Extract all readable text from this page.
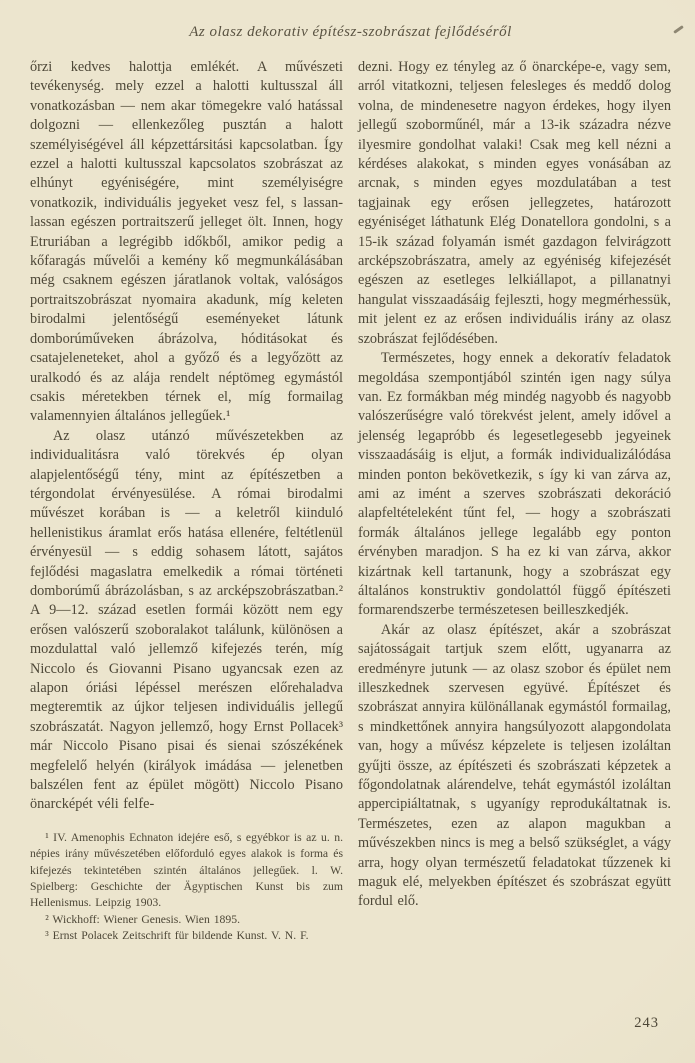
Az olasz dekorativ építész-szobrászat fejlődéséről

őrzi kedves halottja emlékét. A művészeti tevékenység. mely ezzel a halotti kultusszal áll vonatkozásban — nem akar tömegekre való hatással dolgozni — ellenkezőleg pusztán a halott személyiségével áll képzettársitási kapcsolatban. Így ezzel a halotti kultusszal kapcsolatos szobrászat az elhúnyt egyéniségére, mint személyiségre vonatkozik, individuális jegyeket vesz fel, s lassan-lassan egészen portraitszerű jelleget ölt. Innen, hogy Etruriában a legrégibb időkből, amikor pedig a kőfaragás művelői a kemény kő megmunkálásában még csaknem egészen járatlanok voltak, valóságos portraitszobrászat nyomaira akadunk, míg keleten birodalmi jelentőségű eseményeket látunk domborúműveken ábrázolva, hóditásokat és csatajeleneteket, ahol a győző és a legyőzött az uralkodó és az alája rendelt néptömeg egymástól csakis méretekben térnek el, míg formailag valamennyien általános jellegűek.¹

Az olasz utánzó művészetekben az individualitásra való törekvés ép olyan alapjelentőségű tény, mint az építészetben a térgondolat érvényesülése. A római birodalmi művészet korában is — a keletről kiinduló hellenistikus áramlat erős hatása ellenére, feltétlenül érvényesül — s eddig sohasem látott, sajátos fejlődési magaslatra emelkedik a római történeti domborúmű ábrázolásban, s az arcképszobrászatban.² A 9—12. század esetlen formái között nem egy erősen valószerű szoboralakot találunk, különösen a mozdulattal való jellemző kifejezés terén, míg Niccolo és Giovanni Pisano ugyancsak ezen az alapon óriási lépéssel merészen előrehaladva megteremtik az újkor teljesen individuális jellegű szobrászatát. Nagyon jellemző, hogy Ernst Pollacek³ már Niccolo Pisano pisai és sienai szószékének megfelelő helyén (királyok imádása — jelenetben balszélen fent az épület mögött) Niccolo Pisano önarcképét véli felfe-

¹ IV. Amenophis Echnaton idejére eső, s egyébkor is az u. n. népies irány művészetében előforduló egyes alakok is forma és kifejezés tekintetében szintén általános jellegűek. l. W. Spielberg: Geschichte der Ägyptischen Kunst bis zum Hellenismus. Leipzig 1903.

² Wickhoff: Wiener Genesis. Wien 1895.

³ Ernst Polacek Zeitschrift für bildende Kunst. V. N. F.

dezni. Hogy ez tényleg az ő önarcképe-e, vagy sem, arról vitatkozni, teljesen felesleges és meddő dolog volna, de mindenesetre nagyon érdekes, hogy ilyen jellegű szoborműnél, már a 13-ik századra nézve ilyesmire gondolhat valaki! Csak meg kell nézni a kérdéses alakokat, s minden egyes vonásában az arcnak, s minden egyes mozdulatában a test tagjainak egy erősen jellegzetes, határozott egyéniséget láthatunk Elég Donatellora gondolni, s a 15-ik század folyamán ismét gazdagon felvirágzott arcképszobrászatra, amely az egyéniség kifejezését egészen az esetleges lelkiállapot, a pillanatnyi hangulat visszaadásáig fejleszti, hogy megmérhessük, mit jelent ez az erősen individuális irány az olasz szobrászat fejlődésében.

Természetes, hogy ennek a dekoratív feladatok megoldása szempontjából szintén igen nagy súlya van. Ez formákban még mindég nagyobb és nagyobb valószerűségre való törekvést jelent, amely idővel a jelenség legapróbb és legesetlegesebb jegyeinek visszaadásáig is eljut, a formák individualizálódása minden ponton bekövetkezik, s így ki van zárva az, ami az imént a szerves szobrászati dekoráció alapfeltételeként tűnt fel, — hogy a szobrászati formák általános jellege legalább egy ponton érvényben maradjon. S ha ez ki van zárva, akkor kizártnak kell tartanunk, hogy a szobrászat egy általános konstruktiv gondolattól függő építészeti formarendszerbe természetesen beilleszkedjék.

Akár az olasz építészet, akár a szobrászat sajátosságait tartjuk szem előtt, ugyanarra az eredményre jutunk — az olasz szobor és épület nem illeszkednek szervesen együvé. Építészet és szobrászat annyira különállanak egymástól formailag, s mindkettőnek annyira hangsúlyozott alapgondolata van, hogy a művész képzelete is teljesen izoláltan gyűjti össze, az építészeti és szobrászati képzetek a főgondolatnak alárendelve, tehát egymástól izoláltan appercipiáltatnak, s ugyanígy reprodukáltatnak is. Természetes, ezen az alapon magukban a művészekben nincs is meg a belső szükséglet, a vágy arra, hogy olyan természetű feladatokat tűzzenek ki maguk elé, melyekben építészet és szobrászat együtt fordul elő.

243
